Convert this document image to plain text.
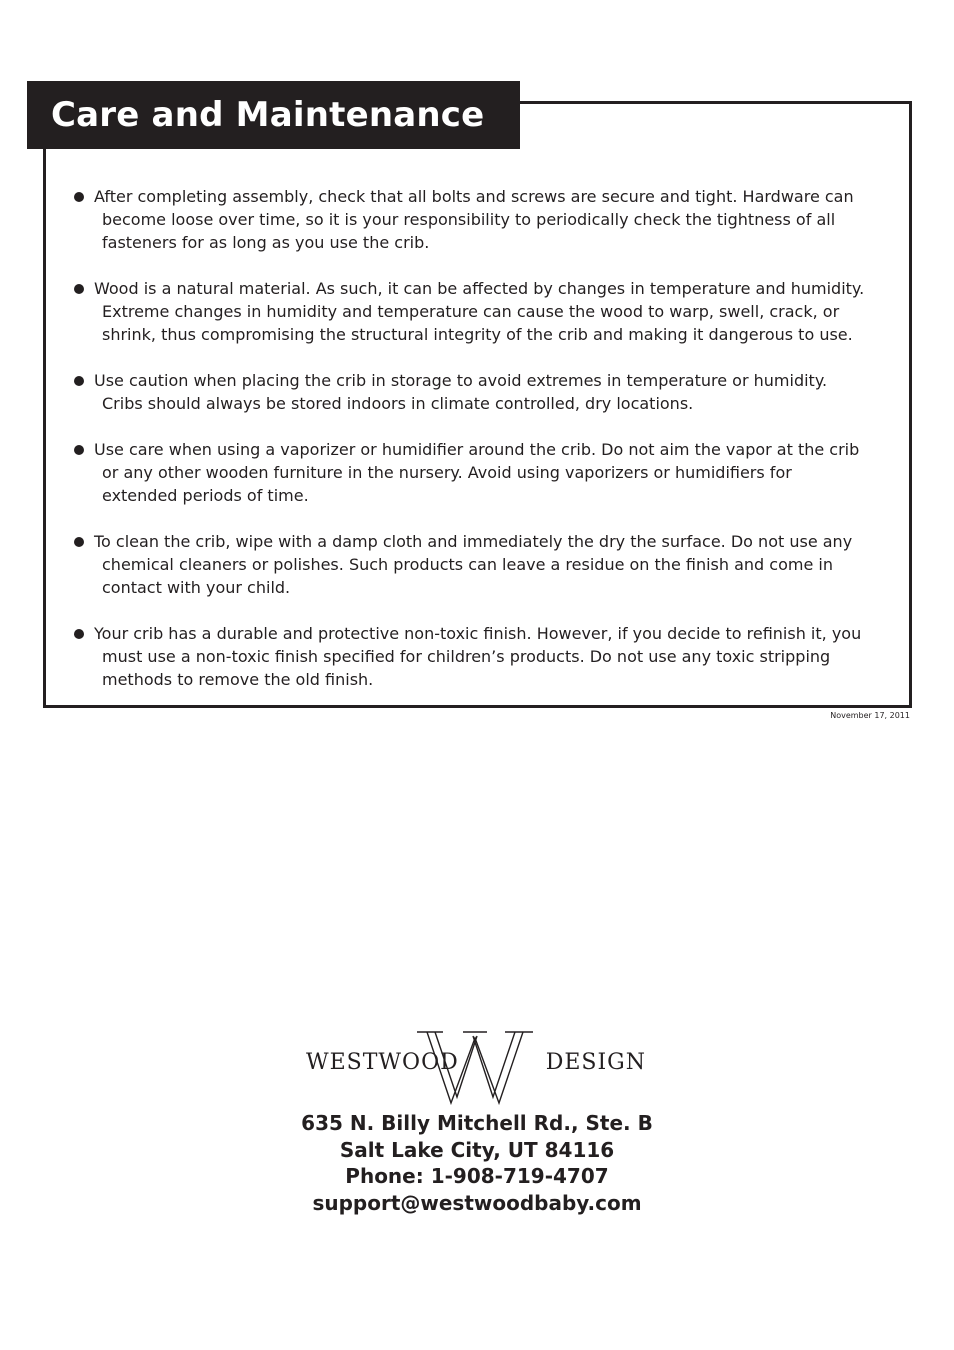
Care and Maintenance
After completing assembly, check that all bolts and screws are secure and tight. Hardware can become loose over time, so it is your responsibility to periodically check the tightness of all fasteners for as long as you use the crib.
Wood is a natural material. As such, it can be affected by changes in temperature and humidity. Extreme changes in humidity and temperature can cause the wood to warp, swell, crack, or shrink, thus compromising the structural integrity of the crib and making it dangerous to use.
Use caution when placing the crib in storage to avoid extremes in temperature or humidity. Cribs should always be stored indoors in climate controlled, dry locations.
Use care when using a vaporizer or humidifier around the crib. Do not aim the vapor at the crib or any other wooden furniture in the nursery. Avoid using vaporizers or humidifiers for extended periods of time.
To clean the crib, wipe with a damp cloth and immediately the dry the surface. Do not use any chemical cleaners or polishes. Such products can leave a residue on the finish and come in contact with your child.
Your crib has a durable and protective non-toxic finish. However, if you decide to refinish it, you must use a non-toxic finish specified for children’s products. Do not use any toxic stripping methods to remove the old finish.
November 17, 2011
WESTWOOD	DESIGN
635 N. Billy Mitchell Rd., Ste. B
Salt Lake City, UT 84116
Phone: 1-908-719-4707
support@westwoodbaby.com
